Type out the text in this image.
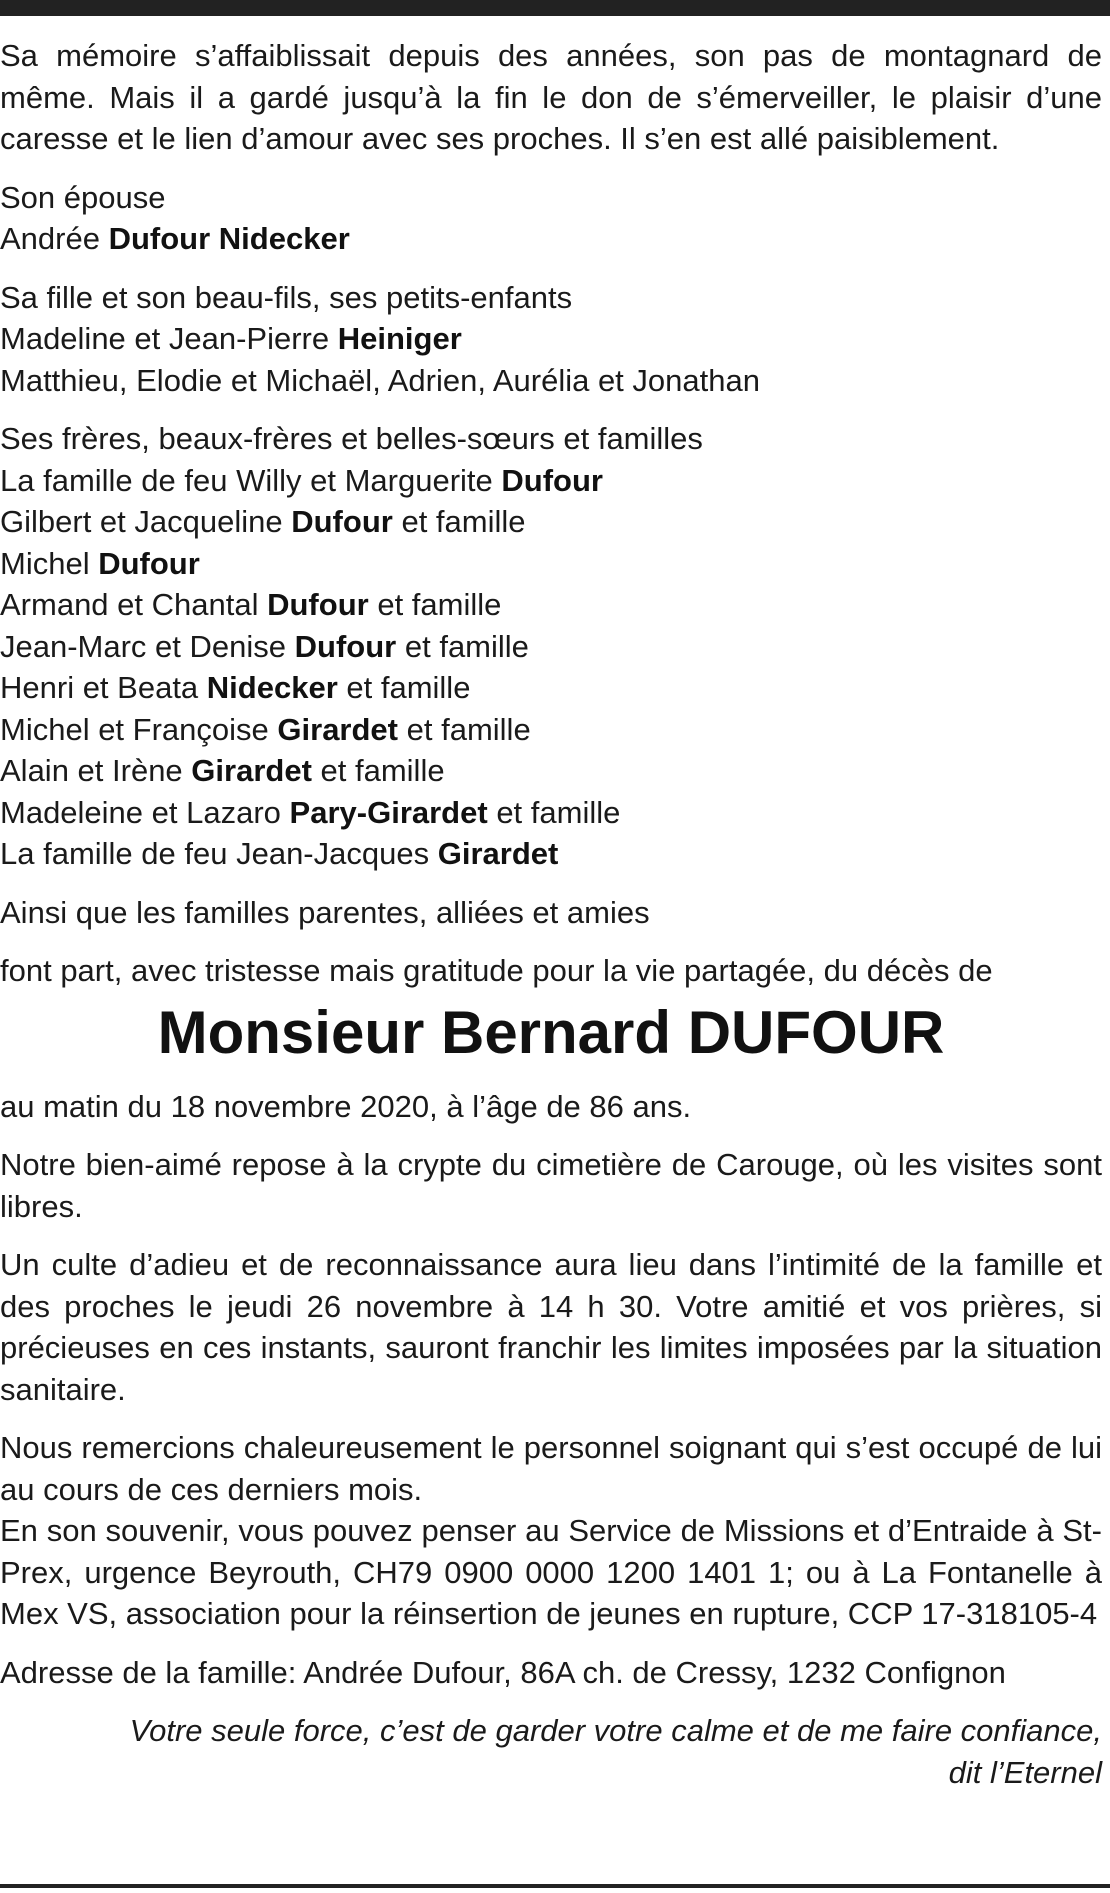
Sa mémoire s’affaiblissait depuis des années, son pas de montagnard de même. Mais il a gardé jusqu’à la fin le don de s’émerveiller, le plaisir d’une caresse et le lien d’amour avec ses proches. Il s’en est allé paisiblement.

Son épouse
Andrée Dufour Nidecker
Sa fille et son beau-fils, ses petits-enfants
Madeline et Jean-Pierre Heiniger
Matthieu, Elodie et Michaël, Adrien, Aurélia et Jonathan
Ses frères, beaux-frères et belles-sœurs et familles
La famille de feu Willy et Marguerite Dufour
Gilbert et Jacqueline Dufour et famille
Michel Dufour
Armand et Chantal Dufour et famille
Jean-Marc et Denise Dufour et famille
Henri et Beata Nidecker et famille
Michel et Françoise Girardet et famille
Alain et Irène Girardet et famille
Madeleine et Lazaro Pary-Girardet et famille
La famille de feu Jean-Jacques Girardet

Ainsi que les familles parentes, alliées et amies

font part, avec tristesse mais gratitude pour la vie partagée, du décès de

Monsieur Bernard DUFOUR

au matin du 18 novembre 2020, à l’âge de 86 ans.

Notre bien-aimé repose à la crypte du cimetière de Carouge, où les visites sont libres.

Un culte d’adieu et de reconnaissance aura lieu dans l’intimité de la famille et des proches le jeudi 26 novembre à 14 h 30. Votre amitié et vos prières, si précieuses en ces instants, sauront franchir les limites imposées par la situation sanitaire.

Nous remercions chaleureusement le personnel soignant qui s’est occupé de lui au cours de ces derniers mois.

En son souvenir, vous pouvez penser au Service de Missions et d’Entraide à St-Prex, urgence Beyrouth, CH79 0900 0000 1200 1401 1; ou à La Fontanelle à Mex VS, association pour la réinsertion de jeunes en rupture, CCP 17-318105-4

Adresse de la famille: Andrée Dufour, 86A ch. de Cressy, 1232 Confignon

Votre seule force, c’est de garder votre calme et de me faire confiance,
dit l’Eternel
